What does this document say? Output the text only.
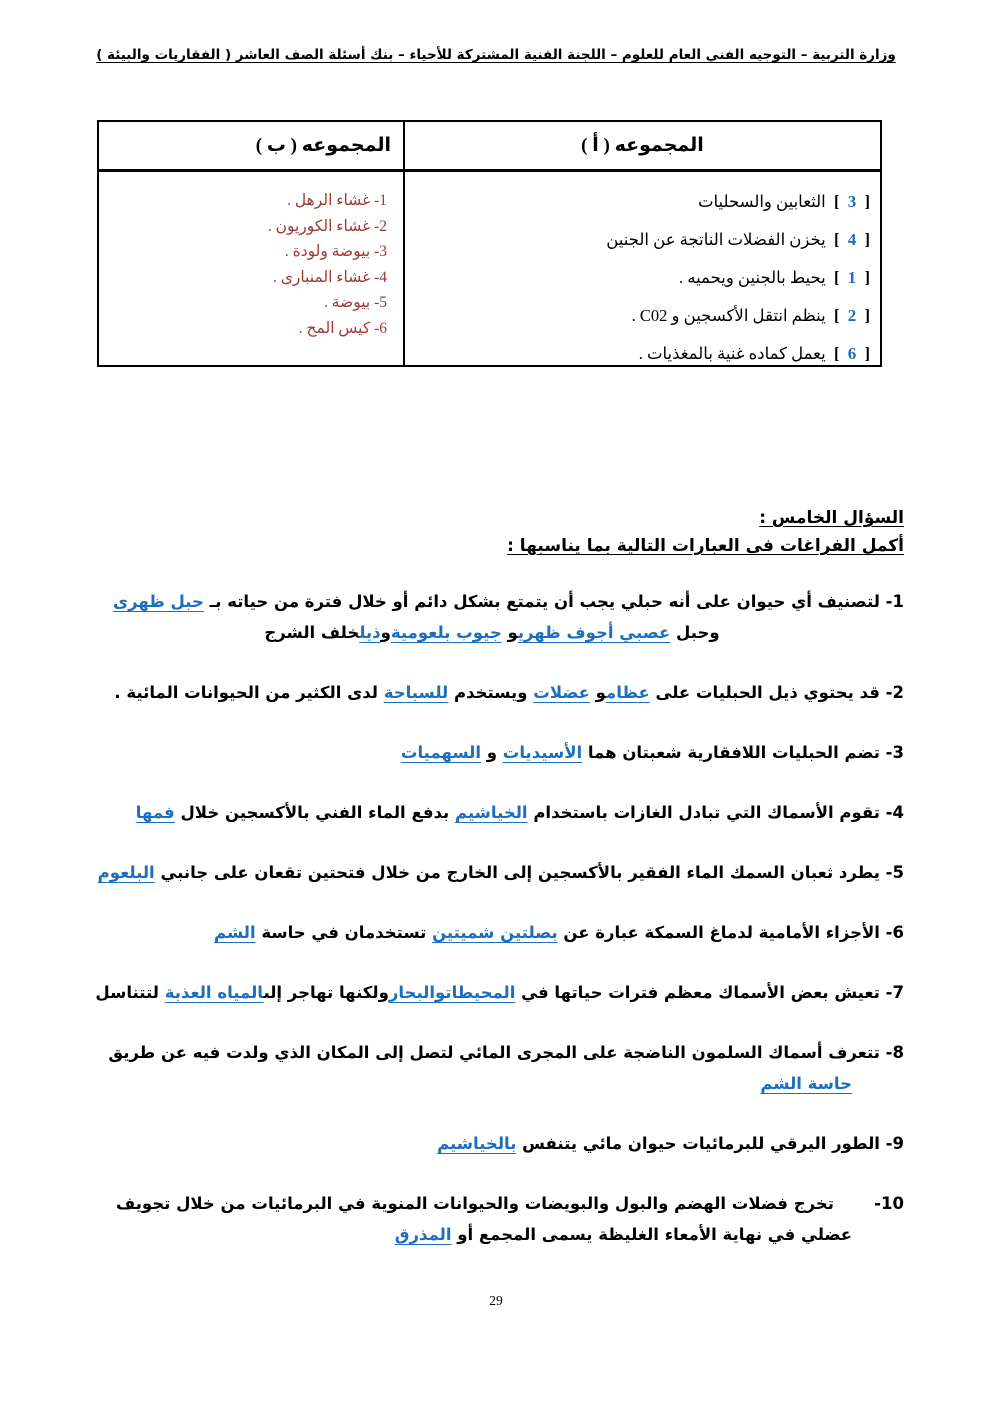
وزارة التربية – التوجيه الفني العام للعلوم – اللجنة الفنية المشتركة للأحياء – بنك أسئلة الصف العاشر ( الفقاريات والبيئة )
المجموعه ( أ )
المجموعه ( ب )
[  3  ]  الثعابين والسحليات
[  4  ]  يخزن الفضلات الناتجة عن الجنين
[  1  ]  يحيط بالجنين ويحميه .
[  2  ]  ينظم انتقل الأكسجين و C02 .
[  6  ]  يعمل كماده غنية بالمغذيات .
1- غشاء الرهل .
2- غشاء الكوريون .
3- بيوضة ولودة .
4- غشاء المنبارى .
5- بيوضة .
6- كيس المح .
السؤال الخامس :
أكمل الفراغات فى العبارات التالية بما يناسبها :
1- لتصنيف أي حيوان على أنه حبلي يجب أن يتمتع بشكل دائم أو خلال فترة من حياته بـ حبل ظهرى
وحبل عصبي أجوف ظهريو جيوب بلعوميةوذيلخلف الشرج
2- قد يحتوي ذيل الحبليات على عظامو عضلات ويستخدم للسباحة لدى الكثير من الحيوانات المائية .
3- تضم الحبليات اللافقارية شعبتان هما الأسيديات و السهميات
4- تقوم الأسماك التي تبادل الغازات باستخدام الخياشيم بدفع الماء الفني بالأكسجين خلال فمها
5- يطرد ثعبان السمك الماء الفقير بالأكسجين إلى الخارج من خلال فتحتين تقعان على جانبي البلعوم
6- الأجزاء الأمامية لدماغ السمكة عبارة عن بصلتين شميتين تستخدمان في حاسة الشم
7- تعيش بعض الأسماك معظم فترات حياتها في المحيطاتوالبحارولكنها تهاجر إلىالمياه العذبة لتتناسل
8- تتعرف أسماك السلمون الناضجة على المجرى المائي لتصل إلى المكان الذي ولدت فيه عن طريق
حاسة الشم
9- الطور اليرقي للبرمائيات حيوان مائي يتنفس بالخياشيم
10-       تخرج فضلات الهضم والبول والبويضات والحيوانات المنوية في البرمائيات من خلال تجويف
عضلي في نهاية الأمعاء الغليظة يسمى المجمع أو المذرق
29
